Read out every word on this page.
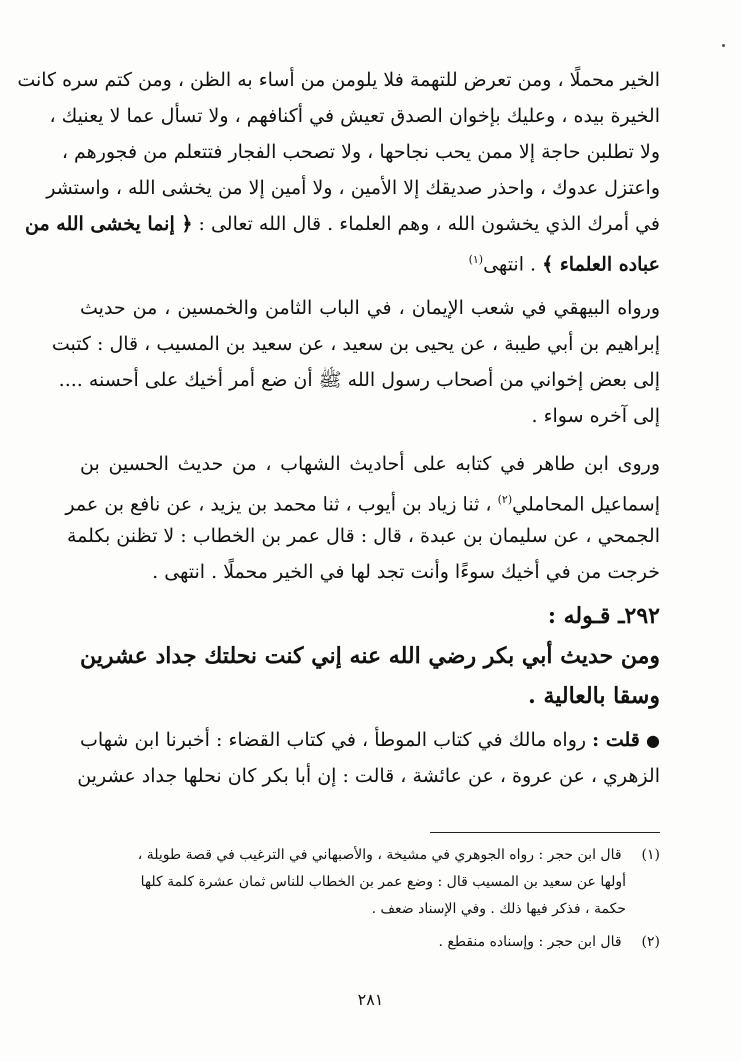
الخير محملًا ، ومن تعرض للتهمة فلا يلومن من أساء به الظن ، ومن كتم سره كانت
الخيرة بيده ، وعليك بإخوان الصدق تعيش في أكنافهم ، ولا تسأل عما لا يعنيك ،
ولا تطلبن حاجة إلا ممن يحب نجاحها ، ولا تصحب الفجار فتتعلم من فجورهم ،
واعتزل عدوك ، واحذر صديقك إلا الأمين ، ولا أمين إلا من يخشى الله ، واستشر
في أمرك الذي يخشون الله ، وهم العلماء . قال الله تعالى : ﴿ إنما يخشى الله من
عباده العلماء ﴾ . انتهى$^{(١)}$
ورواه البيهقي في شعب الإيمان ، في الباب الثامن والخمسين ، من حديث
إبراهيم بن أبي طيبة ، عن يحيى بن سعيد ، عن سعيد بن المسيب ، قال : كتبت
إلى بعض إخواني من أصحاب رسول الله ﷺ أن ضع أمر أخيك على أحسنه ....
إلى آخره سواء .
وروى ابن طاهر في كتابه على أحاديث الشهاب ، من حديث الحسين بن
إسماعيل المحاملي$^{(٢)}$ ، ثنا زياد بن أيوب ، ثنا محمد بن يزيد ، عن نافع بن عمر
الجمحي ، عن سليمان بن عبدة ، قال : قال عمر بن الخطاب : لا تظنن بكلمة
خرجت من في أخيك سوءًا وأنت تجد لها في الخير محملًا . انتهى .
٢٩٢ـ قـوله :
ومن حديث أبي بكر رضي الله عنه إني كنت نحلتك جداد عشرين
وسقا بالعالية .
● قلت : رواه مالك في كتاب الموطأ ، في كتاب القضاء : أخبرنا ابن شهاب
الزهري ، عن عروة ، عن عائشة ، قالت : إن أبا بكر كان نحلها جداد عشرين
(١) قال ابن حجر : رواه الجوهري في مشيخة ، والأصبهاني في الترغيب في قصة طويلة ،
أولها عن سعيد بن المسيب قال : وضع عمر بن الخطاب للناس ثمان عشرة كلمة كلها
حكمة ، فذكر فيها ذلك . وفي الإسناد ضعف .
(٢) قال ابن حجر : وإسناده منقطع .
٢٨١
